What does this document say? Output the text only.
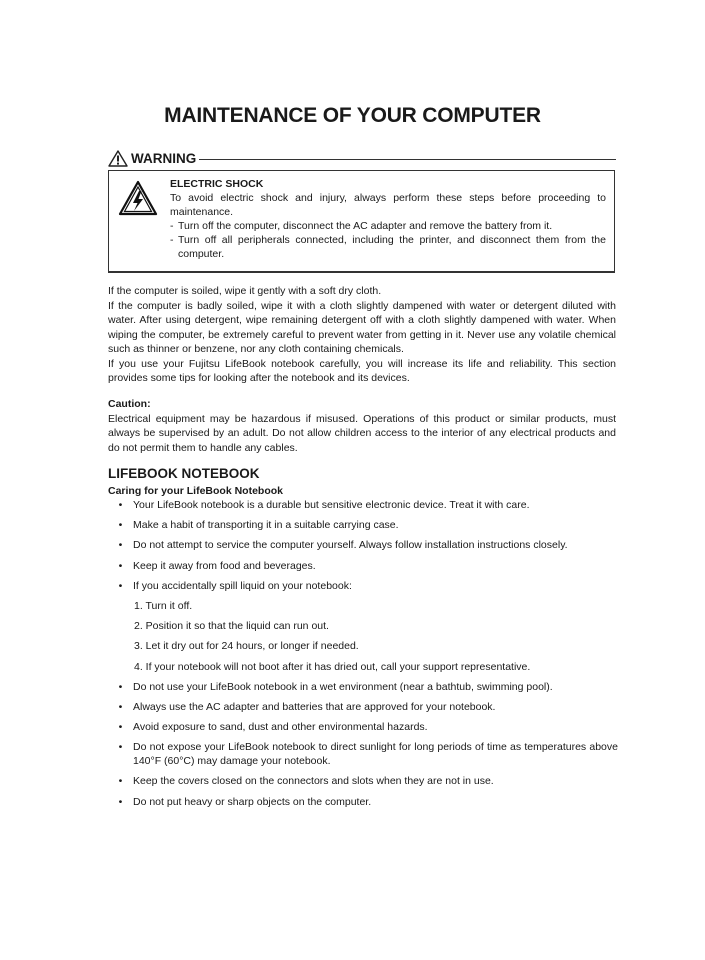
MAINTENANCE OF YOUR COMPUTER
WARNING
ELECTRIC SHOCK
To avoid electric shock and injury, always perform these steps before proceeding to maintenance.
- Turn off the computer, disconnect the AC adapter and remove the battery from it.
- Turn off all peripherals connected, including the printer, and disconnect them from the computer.

If the computer is soiled, wipe it gently with a soft dry cloth.

If the computer is badly soiled, wipe it with a cloth slightly dampened with water or detergent diluted with water. After using detergent, wipe remaining detergent off with a cloth slightly dampened with water. When wiping the computer, be extremely careful to prevent water from getting in it. Never use any volatile chemical such as thinner or benzene, nor any cloth containing chemicals.

If you use your Fujitsu LifeBook notebook carefully, you will increase its life and reliability. This section provides some tips for looking after the notebook and its devices.

Caution:

Electrical equipment may be hazardous if misused. Operations of this product or similar products, must always be supervised by an adult. Do not allow children access to the interior of any electrical products and do not permit them to handle any cables.

LIFEBOOK NOTEBOOK
Caring for your LifeBook Notebook
•	Your LifeBook notebook is a durable but sensitive electronic device. Treat it with care.
•	Make a habit of transporting it in a suitable carrying case.
•	Do not attempt to service the computer yourself. Always follow installation instructions closely.
•	Keep it away from food and beverages.
•	If you accidentally spill liquid on your notebook:
1. Turn it off.
2. Position it so that the liquid can run out.
3. Let it dry out for 24 hours, or longer if needed.
4. If your notebook will not boot after it has dried out, call your support representative.
•	Do not use your LifeBook notebook in a wet environment (near a bathtub, swimming pool).
•	Always use the AC adapter and batteries that are approved for your notebook.
•	Avoid exposure to sand, dust and other environmental hazards.
•	Do not expose your LifeBook notebook to direct sunlight for long periods of time as temperatures above 140°F (60°C) may damage your notebook.
•	Keep the covers closed on the connectors and slots when they are not in use.
•	Do not put heavy or sharp objects on the computer.
